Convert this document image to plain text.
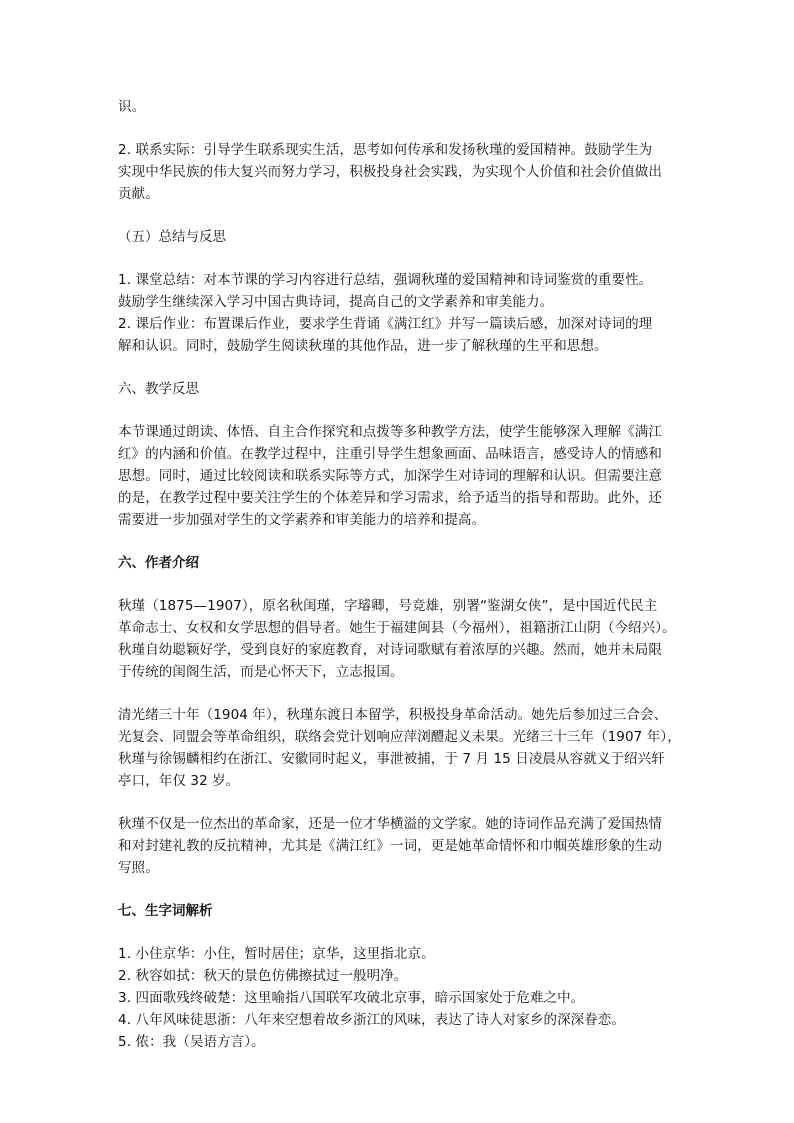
识。
2. 联系实际：引导学生联系现实生活，思考如何传承和发扬秋瑾的爱国精神。鼓励学生为
实现中华民族的伟大复兴而努力学习，积极投身社会实践，为实现个人价值和社会价值做出
贡献。
（五）总结与反思
1. 课堂总结：对本节课的学习内容进行总结，强调秋瑾的爱国精神和诗词鉴赏的重要性。
鼓励学生继续深入学习中国古典诗词，提高自己的文学素养和审美能力。
2. 课后作业：布置课后作业，要求学生背诵《满江红》并写一篇读后感，加深对诗词的理
解和认识。同时，鼓励学生阅读秋瑾的其他作品，进一步了解秋瑾的生平和思想。
六、教学反思
本节课通过朗读、体悟、自主合作探究和点拨等多种教学方法，使学生能够深入理解《满江
红》的内涵和价值。在教学过程中，注重引导学生想象画面、品味语言，感受诗人的情感和
思想。同时，通过比较阅读和联系实际等方式，加深学生对诗词的理解和认识。但需要注意
的是，在教学过程中要关注学生的个体差异和学习需求，给予适当的指导和帮助。此外，还
需要进一步加强对学生的文学素养和审美能力的培养和提高。
六、作者介绍
秋瑾（1875—1907），原名秋闺瑾，字璿卿，号竞雄，别署“鉴湖女侠”，是中国近代民主
革命志士、女权和女学思想的倡导者。她生于福建闽县（今福州），祖籍浙江山阴（今绍兴）。
秋瑾自幼聪颖好学，受到良好的家庭教育，对诗词歌赋有着浓厚的兴趣。然而，她并未局限
于传统的闺阁生活，而是心怀天下，立志报国。
清光绪三十年（1904 年），秋瑾东渡日本留学，积极投身革命活动。她先后参加过三合会、
光复会、同盟会等革命组织，联络会党计划响应萍浏醴起义未果。光绪三十三年（1907 年），
秋瑾与徐锡麟相约在浙江、安徽同时起义，事泄被捕，于 7 月 15 日凌晨从容就义于绍兴轩
亭口，年仅 32 岁。
秋瑾不仅是一位杰出的革命家，还是一位才华横溢的文学家。她的诗词作品充满了爱国热情
和对封建礼教的反抗精神，尤其是《满江红》一词，更是她革命情怀和巾帼英雄形象的生动
写照。
七、生字词解析
1. 小住京华：小住，暂时居住；京华，这里指北京。
2. 秋容如拭：秋天的景色仿佛擦拭过一般明净。
3. 四面歌残终破楚：这里喻指八国联军攻破北京事，暗示国家处于危难之中。
4. 八年风味徒思浙：八年来空想着故乡浙江的风味，表达了诗人对家乡的深深眷恋。
5. 侬：我（吴语方言）。
